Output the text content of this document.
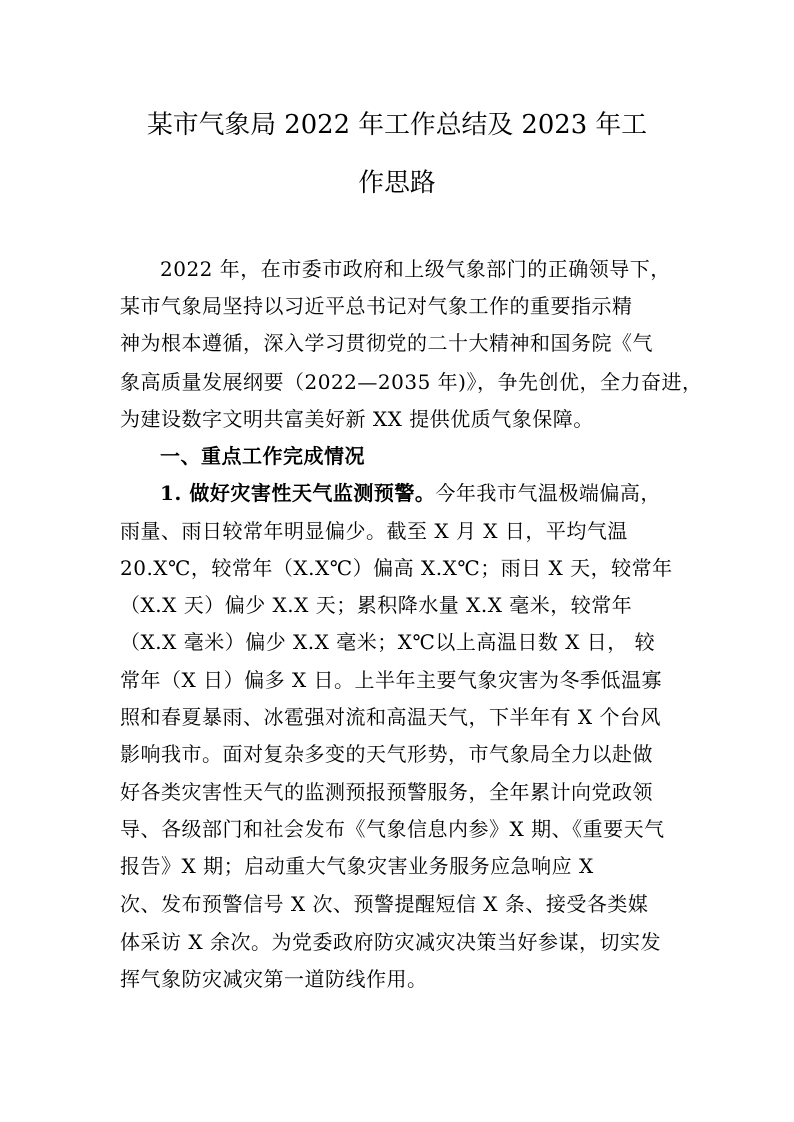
某市气象局 2022 年工作总结及 2023 年工
作思路
2022 年，在市委市政府和上级气象部门的正确领导下，
某市气象局坚持以习近平总书记对气象工作的重要指示精
神为根本遵循，深入学习贯彻党的二十大精神和国务院《气
象高质量发展纲要（2022—2035 年)》，争先创优，全力奋进，
为建设数字文明共富美好新 XX 提供优质气象保障。
一、重点工作完成情况
1. 做好灾害性天气监测预警。今年我市气温极端偏高，
雨量、雨日较常年明显偏少。截至 X 月 X 日，平均气温
20.X℃，较常年（X.X℃）偏高 X.X℃；雨日 X 天，较常年
（X.X 天）偏少 X.X 天；累积降水量 X.X 毫米，较常年
（X.X 毫米）偏少 X.X 毫米；X℃以上高温日数 X 日， 较
常年（X 日）偏多 X 日。上半年主要气象灾害为冬季低温寡
照和春夏暴雨、冰雹强对流和高温天气，下半年有 X 个台风
影响我市。面对复杂多变的天气形势，市气象局全力以赴做
好各类灾害性天气的监测预报预警服务，全年累计向党政领
导、各级部门和社会发布《气象信息内参》X 期、《重要天气
报告》X 期；启动重大气象灾害业务服务应急响应 X
次、发布预警信号 X 次、预警提醒短信 X 条、接受各类媒
体采访 X 余次。为党委政府防灾减灾决策当好参谋，切实发
挥气象防灾减灾第一道防线作用。
